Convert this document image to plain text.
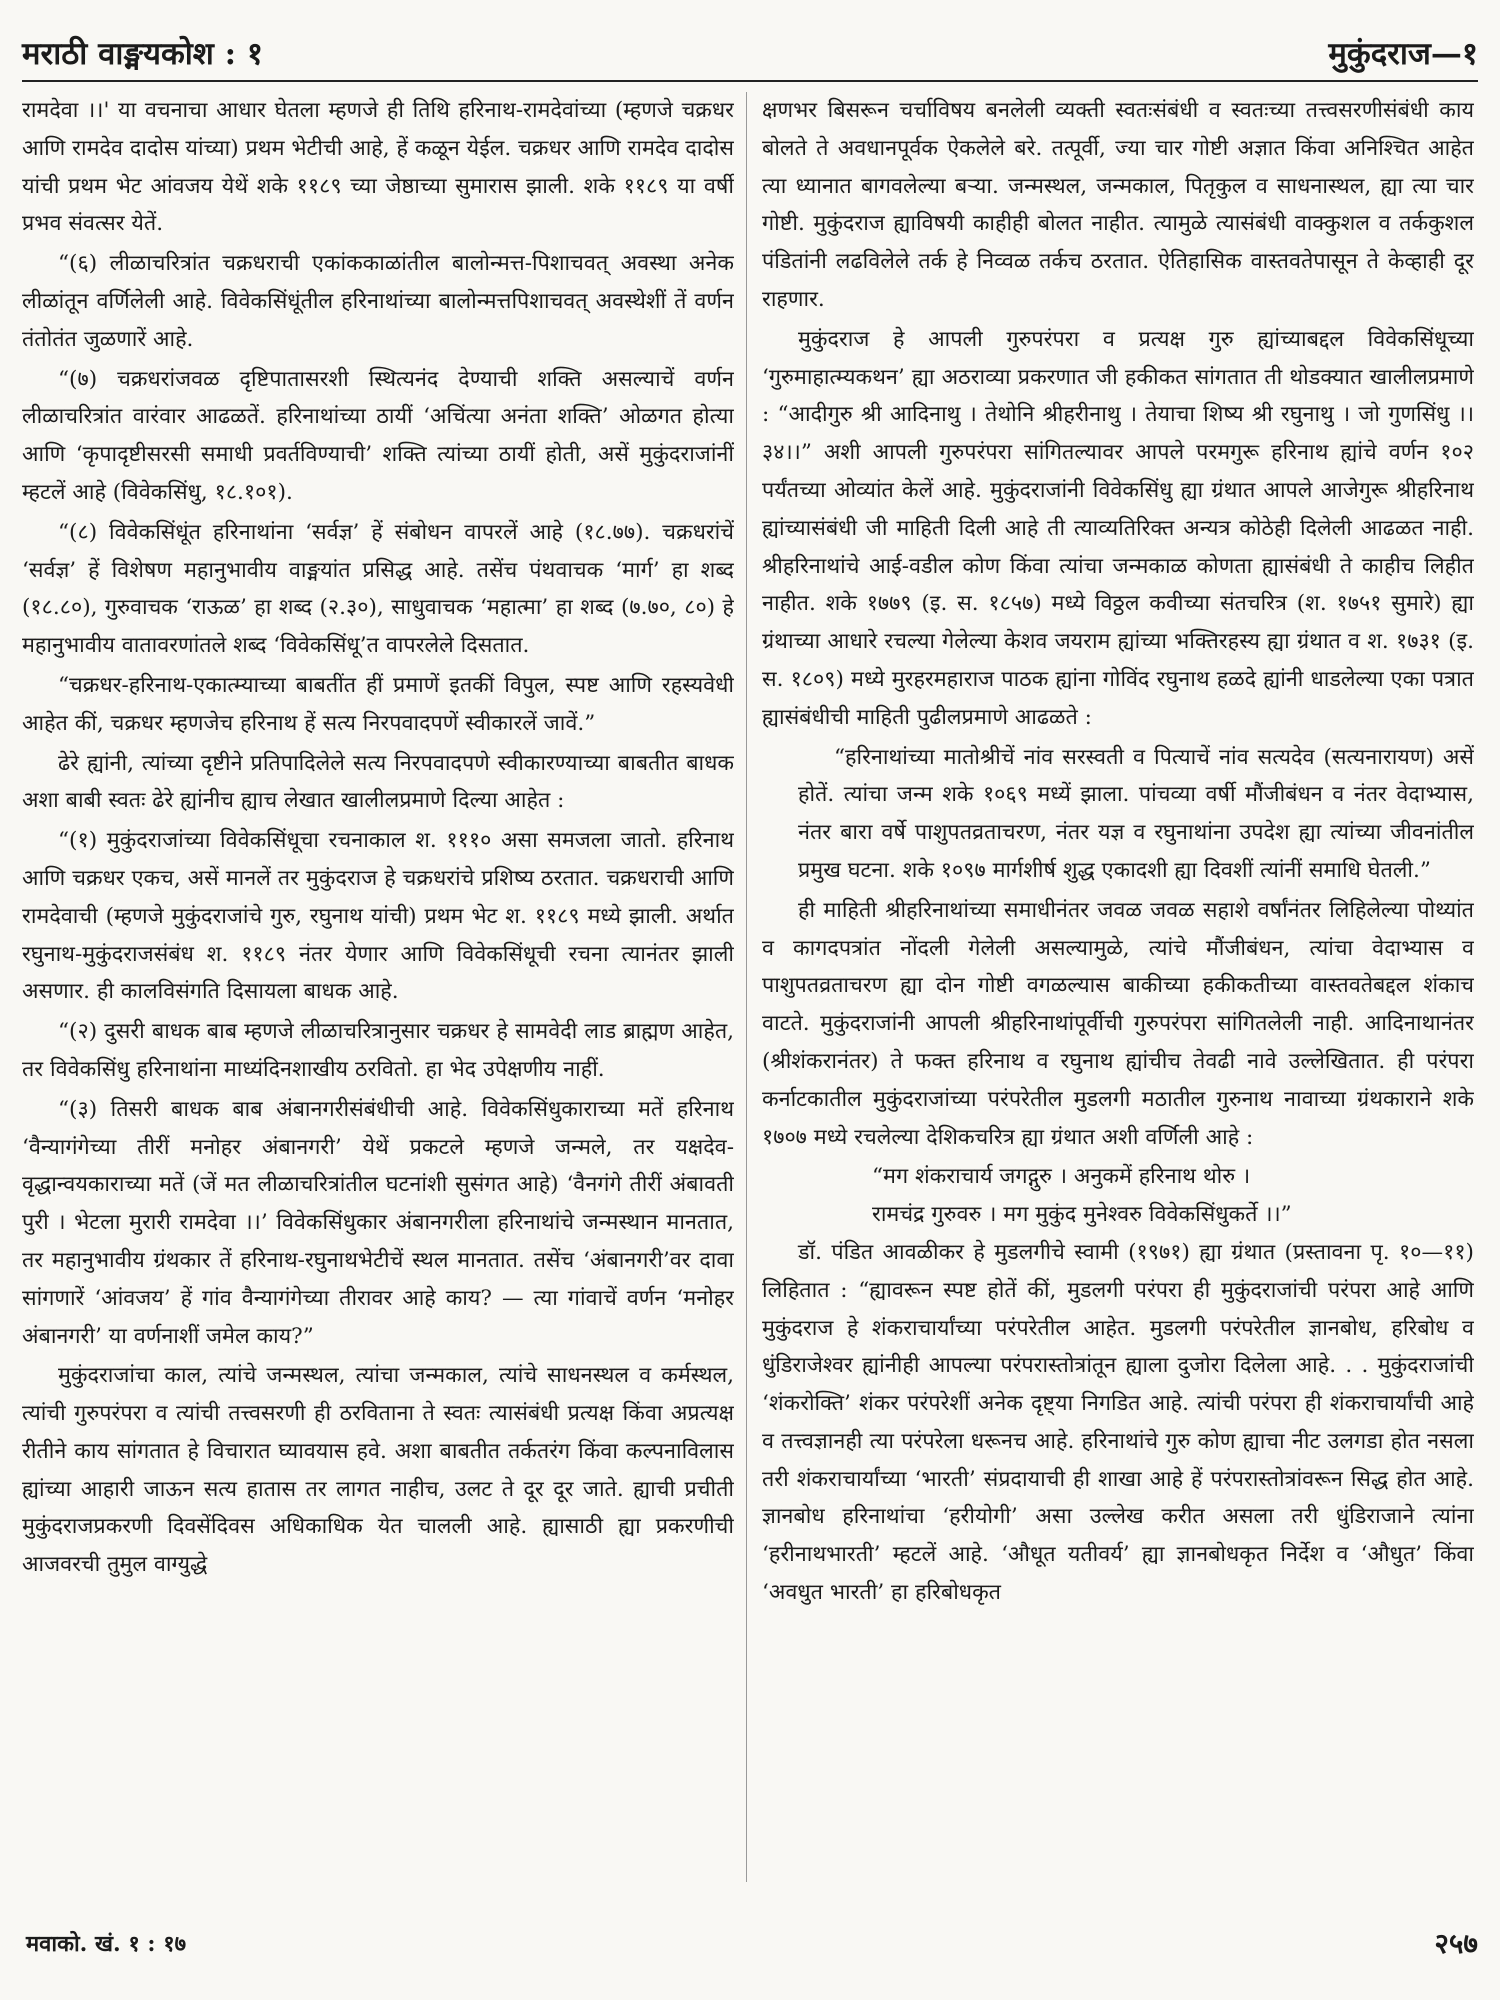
मराठी वाङ्मयकोश : १	मुकुंदराज—१

रामदेवा ।।' या वचनाचा आधार घेतला म्हणजे ही तिथि हरिनाथ-रामदेवांच्या (म्हणजे चक्रधर आणि रामदेव दादोस यांच्या) प्रथम भेटीची आहे, हें कळून येईल. चक्रधर आणि रामदेव दादोस यांची प्रथम भेट आंवजय येथें शके ११८९ च्या जेष्ठाच्या सुमारास झाली. शके ११८९ या वर्षी प्रभव संवत्सर येतें.

“(६) लीळाचरित्रांत चक्रधराची एकांककाळांतील बालोन्मत्त-पिशाचवत् अवस्था अनेक लीळांतून वर्णिलेली आहे. विवेकसिंधूंतील हरिनाथांच्या बालोन्मत्तपिशाचवत् अवस्थेशीं तें वर्णन तंतोतंत जुळणारें आहे.

“(७) चक्रधरांजवळ दृष्टिपातासरशी स्थित्यनंद देण्याची शक्ति असल्याचें वर्णन लीळाचरित्रांत वारंवार आढळतें. हरिनाथांच्या ठायीं ‘अचिंत्या अनंता शक्ति’ ओळगत होत्या आणि ‘कृपादृष्टीसरसी समाधी प्रवर्तविण्याची’ शक्ति त्यांच्या ठायीं होती, असें मुकुंदराजांनीं म्हटलें आहे (विवेकसिंधु, १८.१०१).

“(८) विवेकसिंधूंत हरिनाथांना ‘सर्वज्ञ’ हें संबोधन वापरलें आहे (१८.७७). चक्रधरांचें ‘सर्वज्ञ’ हें विशेषण महानुभावीय वाङ्मयांत प्रसिद्ध आहे. तसेंच पंथवाचक ‘मार्ग’ हा शब्द (१८.८०), गुरुवाचक ‘राऊळ’ हा शब्द (२.३०), साधुवाचक ‘महात्मा’ हा शब्द (७.७०, ८०) हे महानुभावीय वातावरणांतले शब्द ‘विवेकसिंधू’त वापरलेले दिसतात.

“चक्रधर-हरिनाथ-एकात्म्याच्या बाबतींत हीं प्रमाणें इतकीं विपुल, स्पष्ट आणि रहस्यवेधी आहेत कीं, चक्रधर म्हणजेच हरिनाथ हें सत्य निरपवादपणें स्वीकारलें जावें.”

ढेरे ह्यांनी, त्यांच्या दृष्टीने प्रतिपादिलेले सत्य निरपवादपणे स्वीकारण्याच्या बाबतीत बाधक अशा बाबी स्वतः ढेरे ह्यांनीच ह्याच लेखात खालीलप्रमाणे दिल्या आहेत :

“(१) मुकुंदराजांच्या विवेकसिंधूचा रचनाकाल श. १११० असा समजला जातो. हरिनाथ आणि चक्रधर एकच, असें मानलें तर मुकुंदराज हे चक्रधरांचे प्रशिष्य ठरतात. चक्रधराची आणि रामदेवाची (म्हणजे मुकुंदराजांचे गुरु, रघुनाथ यांची) प्रथम भेट श. ११८९ मध्ये झाली. अर्थात रघुनाथ-मुकुंदराजसंबंध श. ११८९ नंतर येणार आणि विवेकसिंधूची रचना त्यानंतर झाली असणार. ही कालविसंगति दिसायला बाधक आहे.

“(२) दुसरी बाधक बाब म्हणजे लीळाचरित्रानुसार चक्रधर हे सामवेदी लाड ब्राह्मण आहेत, तर विवेकसिंधु हरिनाथांना माध्यंदिनशाखीय ठरवितो. हा भेद उपेक्षणीय नाहीं.

“(३) तिसरी बाधक बाब अंबानगरीसंबंधीची आहे. विवेकसिंधुकाराच्या मतें हरिनाथ ‘वैन्यागंगेच्या तीरीं मनोहर अंबानगरी’ येथें प्रकटले म्हणजे जन्मले, तर यक्षदेव-वृद्धान्वयकाराच्या मतें (जें मत लीळाचरित्रांतील घटनांशी सुसंगत आहे) ‘वैनगंगे तीरीं अंबावती पुरी । भेटला मुरारी रामदेवा ।।’ विवेकसिंधुकार अंबानगरीला हरिनाथांचे जन्मस्थान मानतात, तर महानुभावीय ग्रंथकार तें हरिनाथ-रघुनाथभेटीचें स्थल मानतात. तसेंच ‘अंबानगरी’वर दावा सांगणारें ‘आंवजय’ हें गांव वैन्यागंगेच्या तीरावर आहे काय? — त्या गांवाचें वर्णन ‘मनोहर अंबानगरी’ या वर्णनाशीं जमेल काय?”

मुकुंदराजांचा काल, त्यांचे जन्मस्थल, त्यांचा जन्मकाल, त्यांचे साधनस्थल व कर्मस्थल, त्यांची गुरुपरंपरा व त्यांची तत्त्वसरणी ही ठरविताना ते स्वतः त्यासंबंधी प्रत्यक्ष किंवा अप्रत्यक्ष रीतीने काय सांगतात हे विचारात घ्यावयास हवे. अशा बाबतीत तर्कतरंग किंवा कल्पनाविलास ह्यांच्या आहारी जाऊन सत्य हातास तर लागत नाहीच, उलट ते दूर दूर जाते. ह्याची प्रचीती मुकुंदराजप्रकरणी दिवसेंदिवस अधिकाधिक येत चालली आहे. ह्यासाठी ह्या प्रकरणीची आजवरची तुमुल वाग्युद्धे

क्षणभर बिसरून चर्चाविषय बनलेली व्यक्ती स्वतःसंबंधी व स्वतःच्या तत्त्वसरणीसंबंधी काय बोलते ते अवधानपूर्वक ऐकलेले बरे. तत्पूर्वी, ज्या चार गोष्टी अज्ञात किंवा अनिश्चित आहेत त्या ध्यानात बागवलेल्या बऱ्या. जन्मस्थल, जन्मकाल, पितृकुल व साधनास्थल, ह्या त्या चार गोष्टी. मुकुंदराज ह्याविषयी काहीही बोलत नाहीत. त्यामुळे त्यासंबंधी वाक्कुशल व तर्ककुशल पंडितांनी लढविलेले तर्क हे निव्वळ तर्कच ठरतात. ऐतिहासिक वास्तवतेपासून ते केव्हाही दूर राहणार.

मुकुंदराज हे आपली गुरुपरंपरा व प्रत्यक्ष गुरु ह्यांच्याबद्दल विवेकसिंधूच्या ‘गुरुमाहात्म्यकथन’ ह्या अठराव्या प्रकरणात जी हकीकत सांगतात ती थोडक्यात खालीलप्रमाणे : “आदीगुरु श्री आदिनाथु । तेथोनि श्रीहरीनाथु । तेयाचा शिष्य श्री रघुनाथु । जो गुणसिंधु ।।३४।।” अशी आपली गुरुपरंपरा सांगितल्यावर आपले परमगुरू हरिनाथ ह्यांचे वर्णन १०२ पर्यंतच्या ओव्यांत केलें आहे. मुकुंदराजांनी विवेकसिंधु ह्या ग्रंथात आपले आजेगुरू श्रीहरिनाथ ह्यांच्यासंबंधी जी माहिती दिली आहे ती त्याव्यतिरिक्त अन्यत्र कोठेही दिलेली आढळत नाही. श्रीहरिनाथांचे आई-वडील कोण किंवा त्यांचा जन्मकाळ कोणता ह्यासंबंधी ते काहीच लिहीत नाहीत. शके १७७९ (इ. स. १८५७) मध्ये विठ्ठल कवीच्या संतचरित्र (श. १७५१ सुमारे) ह्या ग्रंथाच्या आधारे रचल्या गेलेल्या केशव जयराम ह्यांच्या भक्तिरहस्य ह्या ग्रंथात व श. १७३१ (इ. स. १८०९) मध्ये मुरहरमहाराज पाठक ह्यांना गोविंद रघुनाथ हळदे ह्यांनी धाडलेल्या एका पत्रात ह्यासंबंधीची माहिती पुढीलप्रमाणे आढळते :

“हरिनाथांच्या मातोश्रीचें नांव सरस्वती व पित्याचें नांव सत्यदेव (सत्यनारायण) असें होतें. त्यांचा जन्म शके १०६९ मध्यें झाला. पांचव्या वर्षी मौंजीबंधन व नंतर वेदाभ्यास, नंतर बारा वर्षे पाशुपतव्रताचरण, नंतर यज्ञ व रघुनाथांना उपदेश ह्या त्यांच्या जीवनांतील प्रमुख घटना. शके १०९७ मार्गशीर्ष शुद्ध एकादशी ह्या दिवशीं त्यांनीं समाधि घेतली.”

ही माहिती श्रीहरिनाथांच्या समाधीनंतर जवळ जवळ सहाशे वर्षांनंतर लिहिलेल्या पोथ्यांत व कागदपत्रांत नोंदली गेलेली असल्यामुळे, त्यांचे मौंजीबंधन, त्यांचा वेदाभ्यास व पाशुपतव्रताचरण ह्या दोन गोष्टी वगळल्यास बाकीच्या हकीकतीच्या वास्तवतेबद्दल शंकाच वाटते. मुकुंदराजांनी आपली श्रीहरिनाथांपूर्वीची गुरुपरंपरा सांगितलेली नाही. आदिनाथानंतर (श्रीशंकरानंतर) ते फक्त हरिनाथ व रघुनाथ ह्यांचीच तेवढी नावे उल्लेखितात. ही परंपरा कर्नाटकातील मुकुंदराजांच्या परंपरेतील मुडलगी मठातील गुरुनाथ नावाच्या ग्रंथकाराने शके १७०७ मध्ये रचलेल्या देशिकचरित्र ह्या ग्रंथात अशी वर्णिली आहे :

“मग शंकराचार्य जगद्गुरु । अनुकमें हरिनाथ थोरु ।

रामचंद्र गुरुवरु । मग मुकुंद मुनेश्वरु विवेकसिंधुकर्ते ।।”

डॉ. पंडित आवळीकर हे मुडलगीचे स्वामी (१९७१) ह्या ग्रंथात (प्रस्तावना पृ. १०—११) लिहितात : “ह्यावरून स्पष्ट होतें कीं, मुडलगी परंपरा ही मुकुंदराजांची परंपरा आहे आणि मुकुंदराज हे शंकराचार्यांच्या परंपरेतील आहेत. मुडलगी परंपरेतील ज्ञानबोध, हरिबोध व धुंडिराजेश्वर ह्यांनीही आपल्या परंपरास्तोत्रांतून ह्याला दुजोरा दिलेला आहे. . . मुकुंदराजांची ‘शंकरोक्ति’ शंकर परंपरेशीं अनेक दृष्ट्या निगडित आहे. त्यांची परंपरा ही शंकराचार्यांची आहे व तत्त्वज्ञानही त्या परंपरेला धरूनच आहे. हरिनाथांचे गुरु कोण ह्याचा नीट उलगडा होत नसला तरी शंकराचार्यांच्या ‘भारती’ संप्रदायाची ही शाखा आहे हें परंपरास्तोत्रांवरून सिद्ध होत आहे. ज्ञानबोध हरिनाथांचा ‘हरीयोगी’ असा उल्लेख करीत असला तरी धुंडिराजाने त्यांना ‘हरीनाथभारती’ म्हटलें आहे. ‘औधूत यतीवर्य’ ह्या ज्ञानबोधकृत निर्देश व ‘औधुत’ किंवा ‘अवधुत भारती’ हा हरिबोधकृत

मवाको. खं. १ : १७	२५७
